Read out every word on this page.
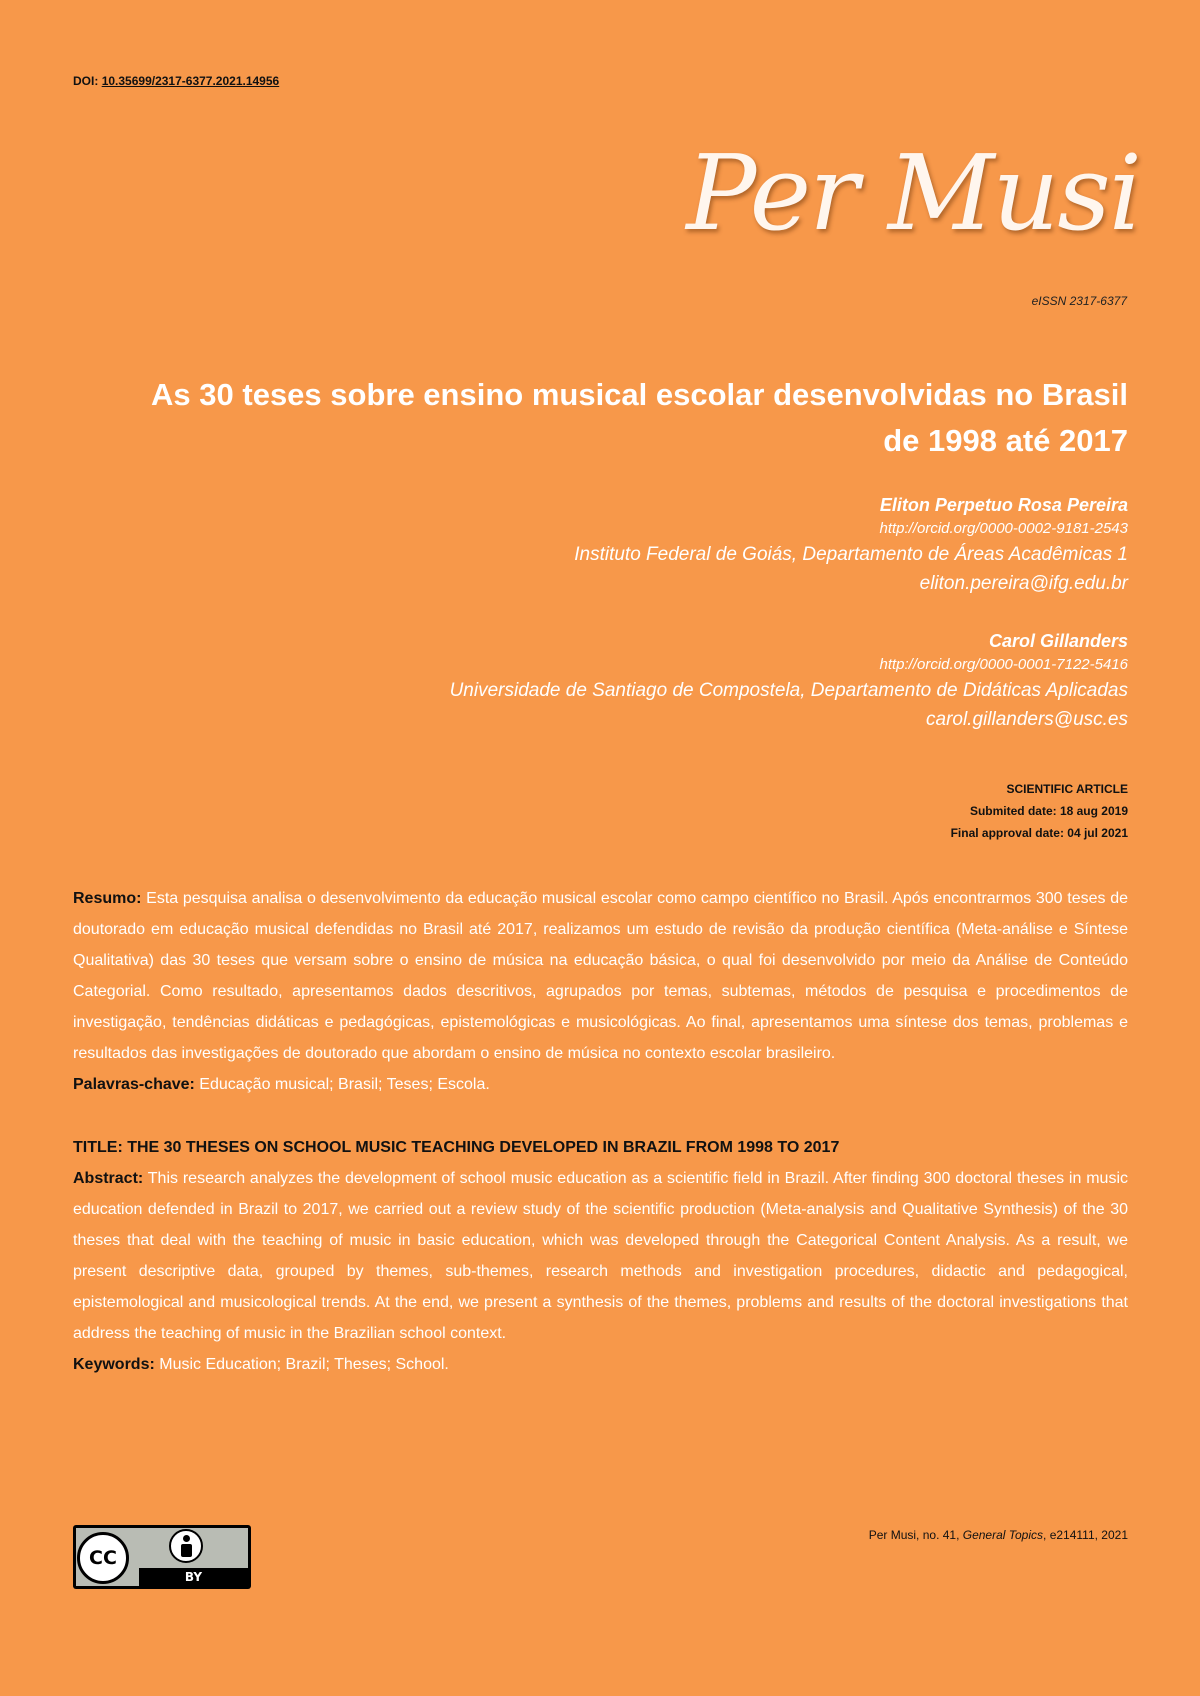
DOI: 10.35699/2317-6377.2021.14956
Per Musi
eISSN 2317-6377
As 30 teses sobre ensino musical escolar desenvolvidas no Brasil de 1998 até 2017
Eliton Perpetuo Rosa Pereira
http://orcid.org/0000-0002-9181-2543
Instituto Federal de Goiás, Departamento de Áreas Acadêmicas 1
eliton.pereira@ifg.edu.br
Carol Gillanders
http://orcid.org/0000-0001-7122-5416
Universidade de Santiago de Compostela, Departamento de Didáticas Aplicadas
carol.gillanders@usc.es
SCIENTIFIC ARTICLE
Submited date: 18 aug 2019
Final approval date: 04 jul 2021

Resumo: Esta pesquisa analisa o desenvolvimento da educação musical escolar como campo científico no Brasil. Após encontrarmos 300 teses de doutorado em educação musical defendidas no Brasil até 2017, realizamos um estudo de revisão da produção científica (Meta-análise e Síntese Qualitativa) das 30 teses que versam sobre o ensino de música na educação básica, o qual foi desenvolvido por meio da Análise de Conteúdo Categorial. Como resultado, apresentamos dados descritivos, agrupados por temas, subtemas, métodos de pesquisa e procedimentos de investigação, tendências didáticas e pedagógicas, epistemológicas e musicológicas. Ao final, apresentamos uma síntese dos temas, problemas e resultados das investigações de doutorado que abordam o ensino de música no contexto escolar brasileiro.

Palavras-chave: Educação musical; Brasil; Teses; Escola.

TITLE: THE 30 THESES ON SCHOOL MUSIC TEACHING DEVELOPED IN BRAZIL FROM 1998 TO 2017

Abstract: This research analyzes the development of school music education as a scientific field in Brazil. After finding 300 doctoral theses in music education defended in Brazil to 2017, we carried out a review study of the scientific production (Meta-analysis and Qualitative Synthesis) of the 30 theses that deal with the teaching of music in basic education, which was developed through the Categorical Content Analysis. As a result, we present descriptive data, grouped by themes, sub-themes, research methods and investigation procedures, didactic and pedagogical, epistemological and musicological trends. At the end, we present a synthesis of the themes, problems and results of the doctoral investigations that address the teaching of music in the Brazilian school context.

Keywords: Music Education; Brazil; Theses; School.

CC
BY
Per Musi, no. 41, General Topics, e214111, 2021
